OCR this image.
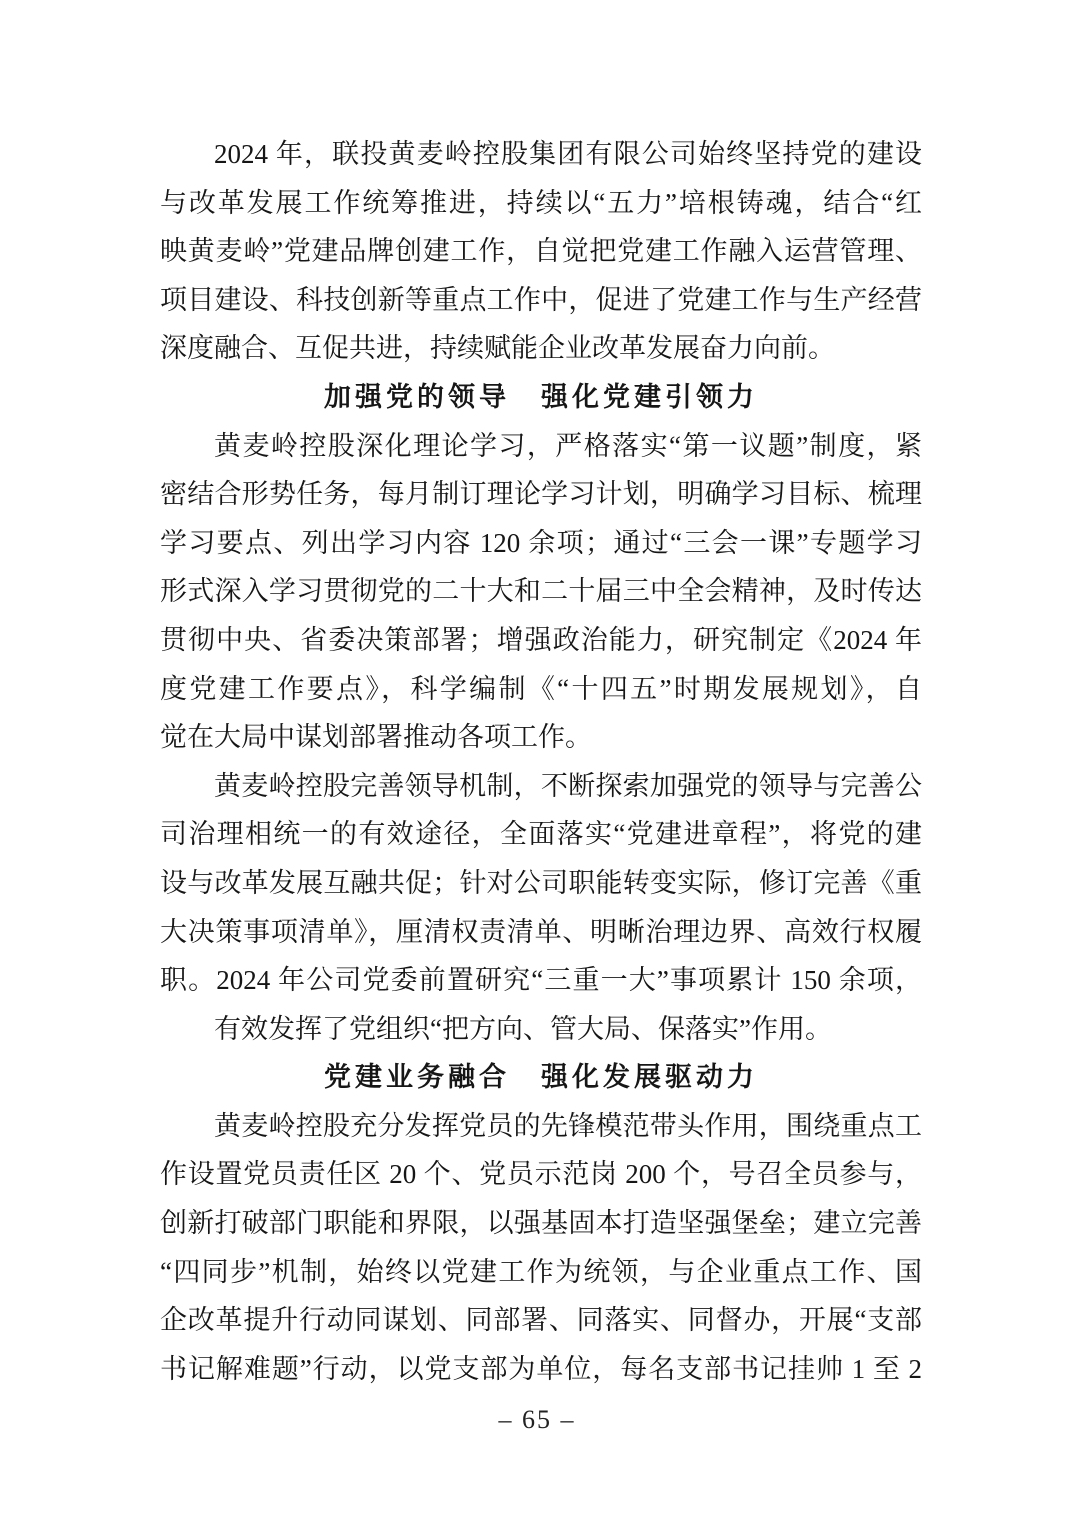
2024 年，联投黄麦岭控股集团有限公司始终坚持党的建设
与改革发展工作统筹推进，持续以“五力”培根铸魂，结合“红
映黄麦岭”党建品牌创建工作，自觉把党建工作融入运营管理、
项目建设、科技创新等重点工作中，促进了党建工作与生产经营
深度融合、互促共进，持续赋能企业改革发展奋力向前。
加强党的领导　强化党建引领力
黄麦岭控股深化理论学习，严格落实“第一议题”制度，紧
密结合形势任务，每月制订理论学习计划，明确学习目标、梳理
学习要点、列出学习内容 120 余项；通过“三会一课”专题学习
形式深入学习贯彻党的二十大和二十届三中全会精神，及时传达
贯彻中央、省委决策部署；增强政治能力，研究制定《2024 年
度党建工作要点》，科学编制《“十四五”时期发展规划》，自
觉在大局中谋划部署推动各项工作。
黄麦岭控股完善领导机制，不断探索加强党的领导与完善公
司治理相统一的有效途径，全面落实“党建进章程”，将党的建
设与改革发展互融共促；针对公司职能转变实际，修订完善《重
大决策事项清单》，厘清权责清单、明晰治理边界、高效行权履
职。2024 年公司党委前置研究“三重一大”事项累计 150 余项，
有效发挥了党组织“把方向、管大局、保落实”作用。
党建业务融合　强化发展驱动力
黄麦岭控股充分发挥党员的先锋模范带头作用，围绕重点工
作设置党员责任区 20 个、党员示范岗 200 个，号召全员参与，
创新打破部门职能和界限，以强基固本打造坚强堡垒；建立完善
“四同步”机制，始终以党建工作为统领，与企业重点工作、国
企改革提升行动同谋划、同部署、同落实、同督办，开展“支部
书记解难题”行动，以党支部为单位，每名支部书记挂帅 1 至 2
– 65 –
